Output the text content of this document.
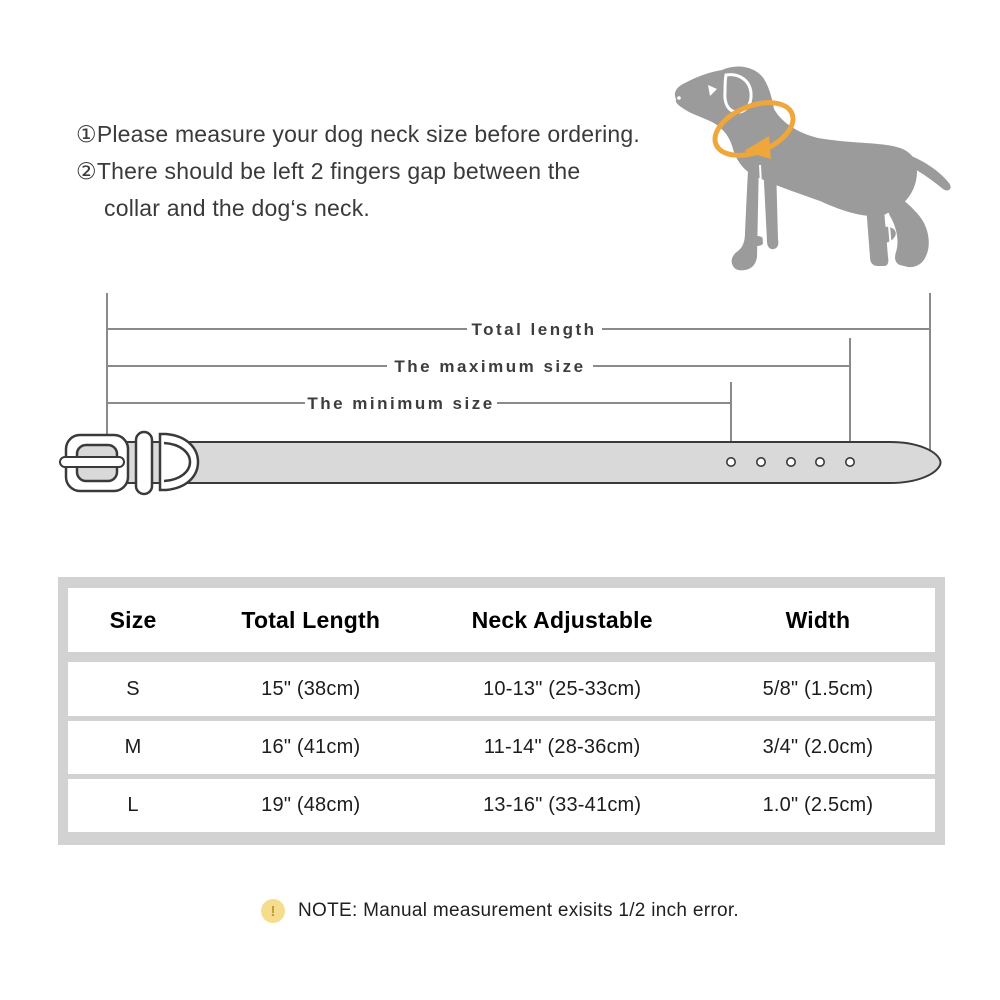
①Please measure your dog neck size before ordering.
②There should be left 2 fingers gap between the
collar and the dog‘s neck.
Total length
The maximum size
The minimum size
Size	Total Length	Neck Adjustable	Width
S	15" (38cm)	10-13" (25-33cm)	5/8" (1.5cm)
M	16" (41cm)	11-14" (28-36cm)	3/4" (2.0cm)
L	19" (48cm)	13-16" (33-41cm)	1.0" (2.5cm)
!	NOTE: Manual measurement exisits 1/2 inch error.
